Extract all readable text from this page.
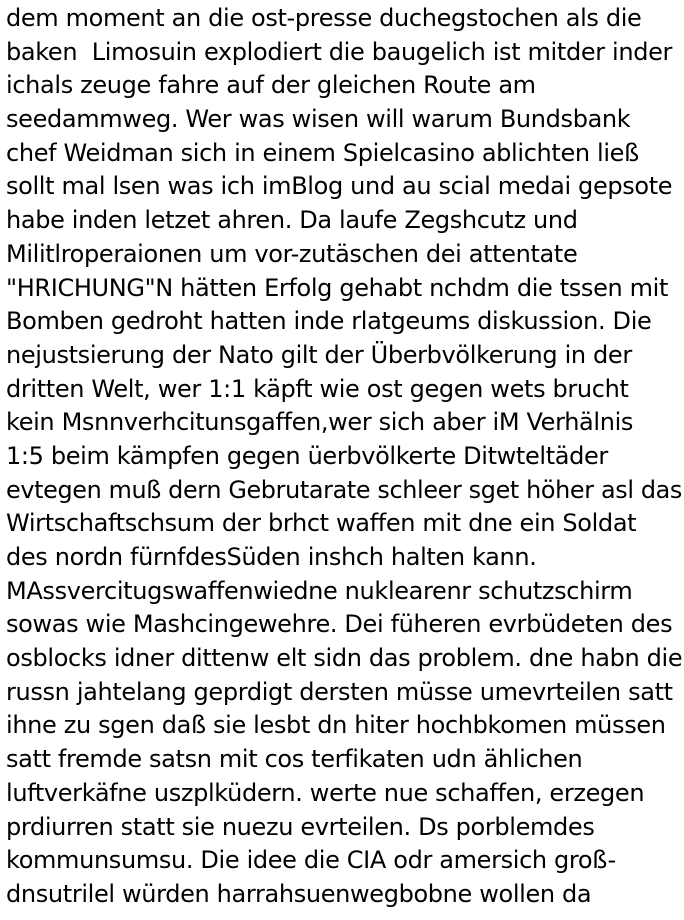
dem moment an die ost-presse duchegstochen als die
baken  Limosuin explodiert die baugelich ist mitder inder
ichals zeuge fahre auf der gleichen Route am
seedammweg. Wer was wisen will warum Bundsbank
chef Weidman sich in einem Spielcasino ablichten ließ
sollt mal lsen was ich imBlog und au scial medai gepsote
habe inden letzet ahren. Da laufe Zegshcutz und
Militlroperaionen um vor-zutäschen dei attentate
"HRICHUNG"N hätten Erfolg gehabt nchdm die tssen mit
Bomben gedroht hatten inde rlatgeums diskussion. Die
nejustsierung der Nato gilt der Überbvölkerung in der
dritten Welt, wer 1:1 käpft wie ost gegen wets brucht
kein Msnnverhcitunsgaffen,wer sich aber iM Verhälnis
1:5 beim kämpfen gegen üerbvölkerte Ditwteltäder
evtegen muß dern Gebrutarate schleer sget höher asl das
Wirtschaftschsum der brhct waffen mit dne ein Soldat
des nordn fürnfdesSüden inshch halten kann.
MAssvercitugswaffenwiedne nuklearenr schutzschirm
sowas wie Mashcingewehre. Dei füheren evrbüdeten des
osblocks idner dittenw elt sidn das problem. dne habn die
russn jahtelang geprdigt dersten müsse umevrteilen satt
ihne zu sgen daß sie lesbt dn hiter hochbkomen müssen
satt fremde satsn mit cos terfikaten udn ählichen
luftverkäfne uszplküdern. werte nue schaffen, erzegen
prdiurren statt sie nuezu evrteilen. Ds porblemdes
kommunsumsu. Die idee die CIA odr amersich groß-
dnsutrilel würden harrahsuenwegbobne wollen da
